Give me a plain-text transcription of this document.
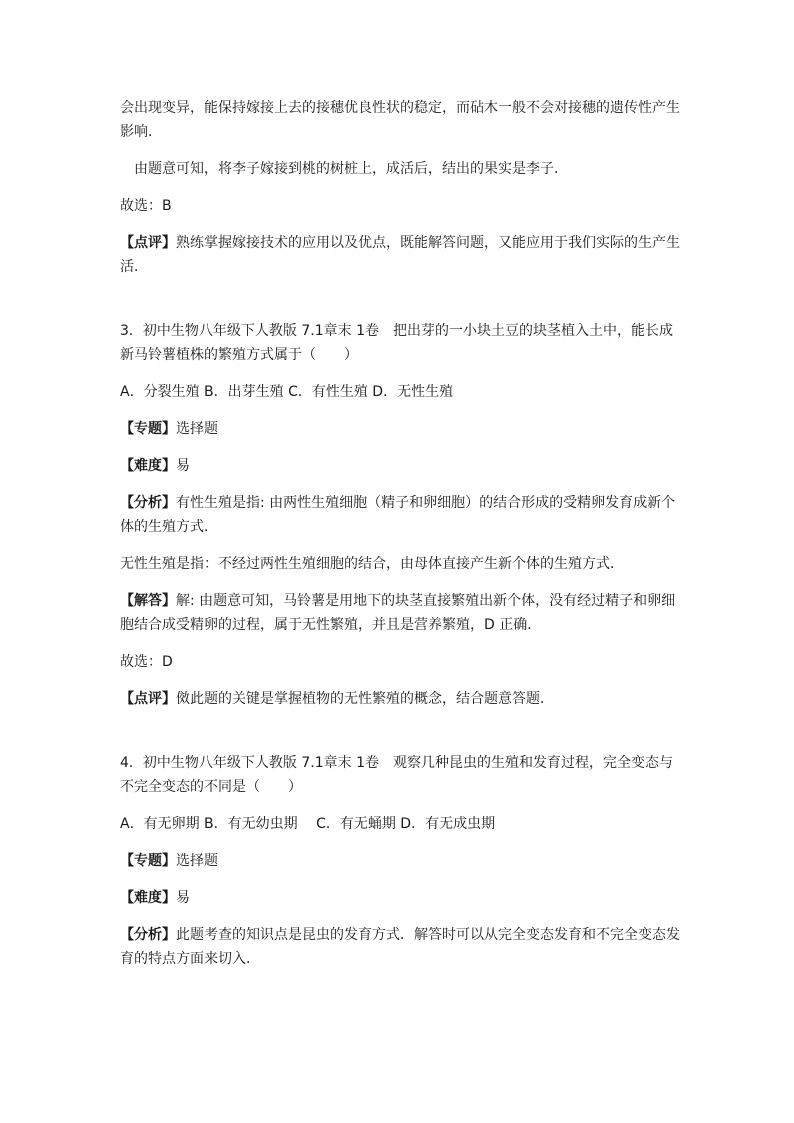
会出现变异，能保持嫁接上去的接穗优良性状的稳定，而砧木一般不会对接穗的遗传性产生影响．

由题意可知，将李子嫁接到桃的树桩上，成活后，结出的果实是李子．

故选：B

【点评】熟练掌握嫁接技术的应用以及优点，既能解答问题，又能应用于我们实际的生产生活．

3．初中生物八年级下人教版 7.1章末 1卷　把出芽的一小块土豆的块茎植入土中，能长成新马铃薯植株的繁殖方式属于（　　）

A．分裂生殖 B．出芽生殖 C．有性生殖 D．无性生殖

【专题】选择题

【难度】易

【分析】有性生殖是指: 由两性生殖细胞（精子和卵细胞）的结合形成的受精卵发育成新个体的生殖方式．

无性生殖是指：不经过两性生殖细胞的结合，由母体直接产生新个体的生殖方式．

【解答】解: 由题意可知，马铃薯是用地下的块茎直接繁殖出新个体，没有经过精子和卵细胞结合成受精卵的过程，属于无性繁殖，并且是营养繁殖，D 正确．

故选：D

【点评】傚此题的关键是掌握植物的无性繁殖的概念，结合题意答题．

4．初中生物八年级下人教版 7.1章末 1卷　观察几种昆虫的生殖和发育过程，完全变态与不完全变态的不同是（　　）

A．有无卵期 B．有无幼虫期　 C．有无蛹期 D．有无成虫期

【专题】选择题

【难度】易

【分析】此题考查的知识点是昆虫的发育方式．解答时可以从完全变态发育和不完全变态发育的特点方面来切入．
